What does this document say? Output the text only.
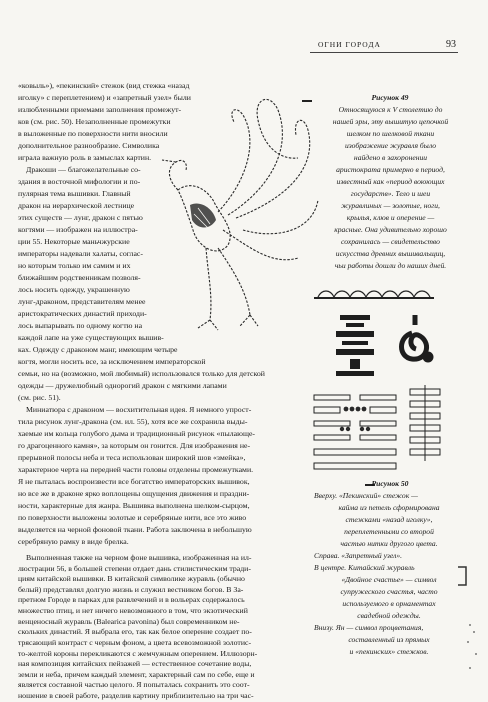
ОГНИ ГОРОДА	93
«ковыль»), «пекинский» стежок (вид стежка «назад
иголку» с переплетением) и «запретный узел» были
излюбленными приемами заполнения промежут-
ков (см. рис. 50). Незаполненные промежутки
в выложенные по поверхности нити вносили
дополнительное разнообразие. Символика
играла важную роль в замыслах картин.
Дракоши — благожелательные со-
здания в восточной мифологии и по-
пулярная тема вышивки. Главный
дракон на иерархической лестнице
этих существ — лунг, дракон с пятью
когтями — изображен на иллюстра-
ции 55. Некоторые маньчжурские
императоры надевали халаты, соглас-
но которым только им самим и их
ближайшим родственникам позволя-
лось носить одежду, украшенную
лунг-драконом, представителям менее
аристократических династий приходи-
лось выпарывать по одному когтю на
каждой лапе на уже существующих вышив-
ках. Одежду с драконом манг, имеющим четыре
когтя, могли носить все, за исключением императорской
семьи, но на (возможно, мой любимый) использовался только для детской
одежды — дружелюбный однорогий дракон с мягкими лапами
(см. рис. 51).
Миниатюра с драконом — восхитительная идея. Я немного упрост-
тила рисунок лунг-дракона (см. ил. 55), хотя все же сохранила выды-
хаемые им кольца голубого дыма и традиционный рисунок «пылающе-
го драгоценного камня», за которым он гонится. Для изображения не-
прерывной полосы неба и теса использован широкий шов «змейка»,
характерное черта на передней части головы отделены промежутками.
Я не пыталась воспроизвести все богатство императорских вышивок,
но все же в драконе ярко воплощены ощущения движения и праздни-
ности, характерные для жанра. Вышивка выполнена шелком-сырцом,
по поверхности выложены золотые и серебряные нити, все это живо
выделяется на черной фоновой ткани. Работа заключена в небольшую
серебряную рамку в виде брелка.
Выполненная также на черном фоне вышивка, изображенная на ил-
люстрации 56, в большей степени отдает дань стилистическим тради-
циям китайской вышивки. В китайской символике журавль (обычно
белый) представлял долгую жизнь и служил вестником богов. В За-
претном Городе в парках для развлечений и в вольерах содержалось
множество птиц, и нет ничего невозможного в том, что экзотический
венценосный журавль (Balearica pavonina) был современником не-
скольких династий. Я выбрала его, так как белое оперение создает по-
трясающий контраст с черным фоном, а цвета всевозможной золотис-
то-желтой короны перекликаются с жемчужным оперением. Иллюзорн-
ная композиция китайских пейзажей — естественное сочетание воды,
земли и неба, причем каждый элемент, характерный сам по себе, еще и
является составной частью целого. Я попыталась сохранить это соот-
ношение в своей работе, разделив картину приблизительно на три час-
Рисунок 49
Относящуюся к V столетию до
нашей эры, эту вышитую цепочкой
шелком по шелковой ткани
изображение журавля было
найдено в захоронении
аристократа примерно в период,
известный как «период воюющих
государств». Тело и шеи
журавлиных — золотые, ноги,
крылья, клюв и оперение —
красные. Она удивительно хорошо
сохранилась — свидетельство
искусства древних вышивальщиц,
чьи работы дошли до наших дней.
Рисунок 50
Вверху. «Пекинский» стежок —
кайма из петель сформирована
стежками «назад иголку»,
переплетенными со второй
частью нитки другого цвета.
Справа. «Запретный узел».
В центре. Китайский журавль
«Двойное счастье» — символ
супружеского счастья, часто
используемого в орнаментах
свадебной одежды.
Внизу. Ян — символ процветания,
составленный из прямых
и «пекинских» стежков.
